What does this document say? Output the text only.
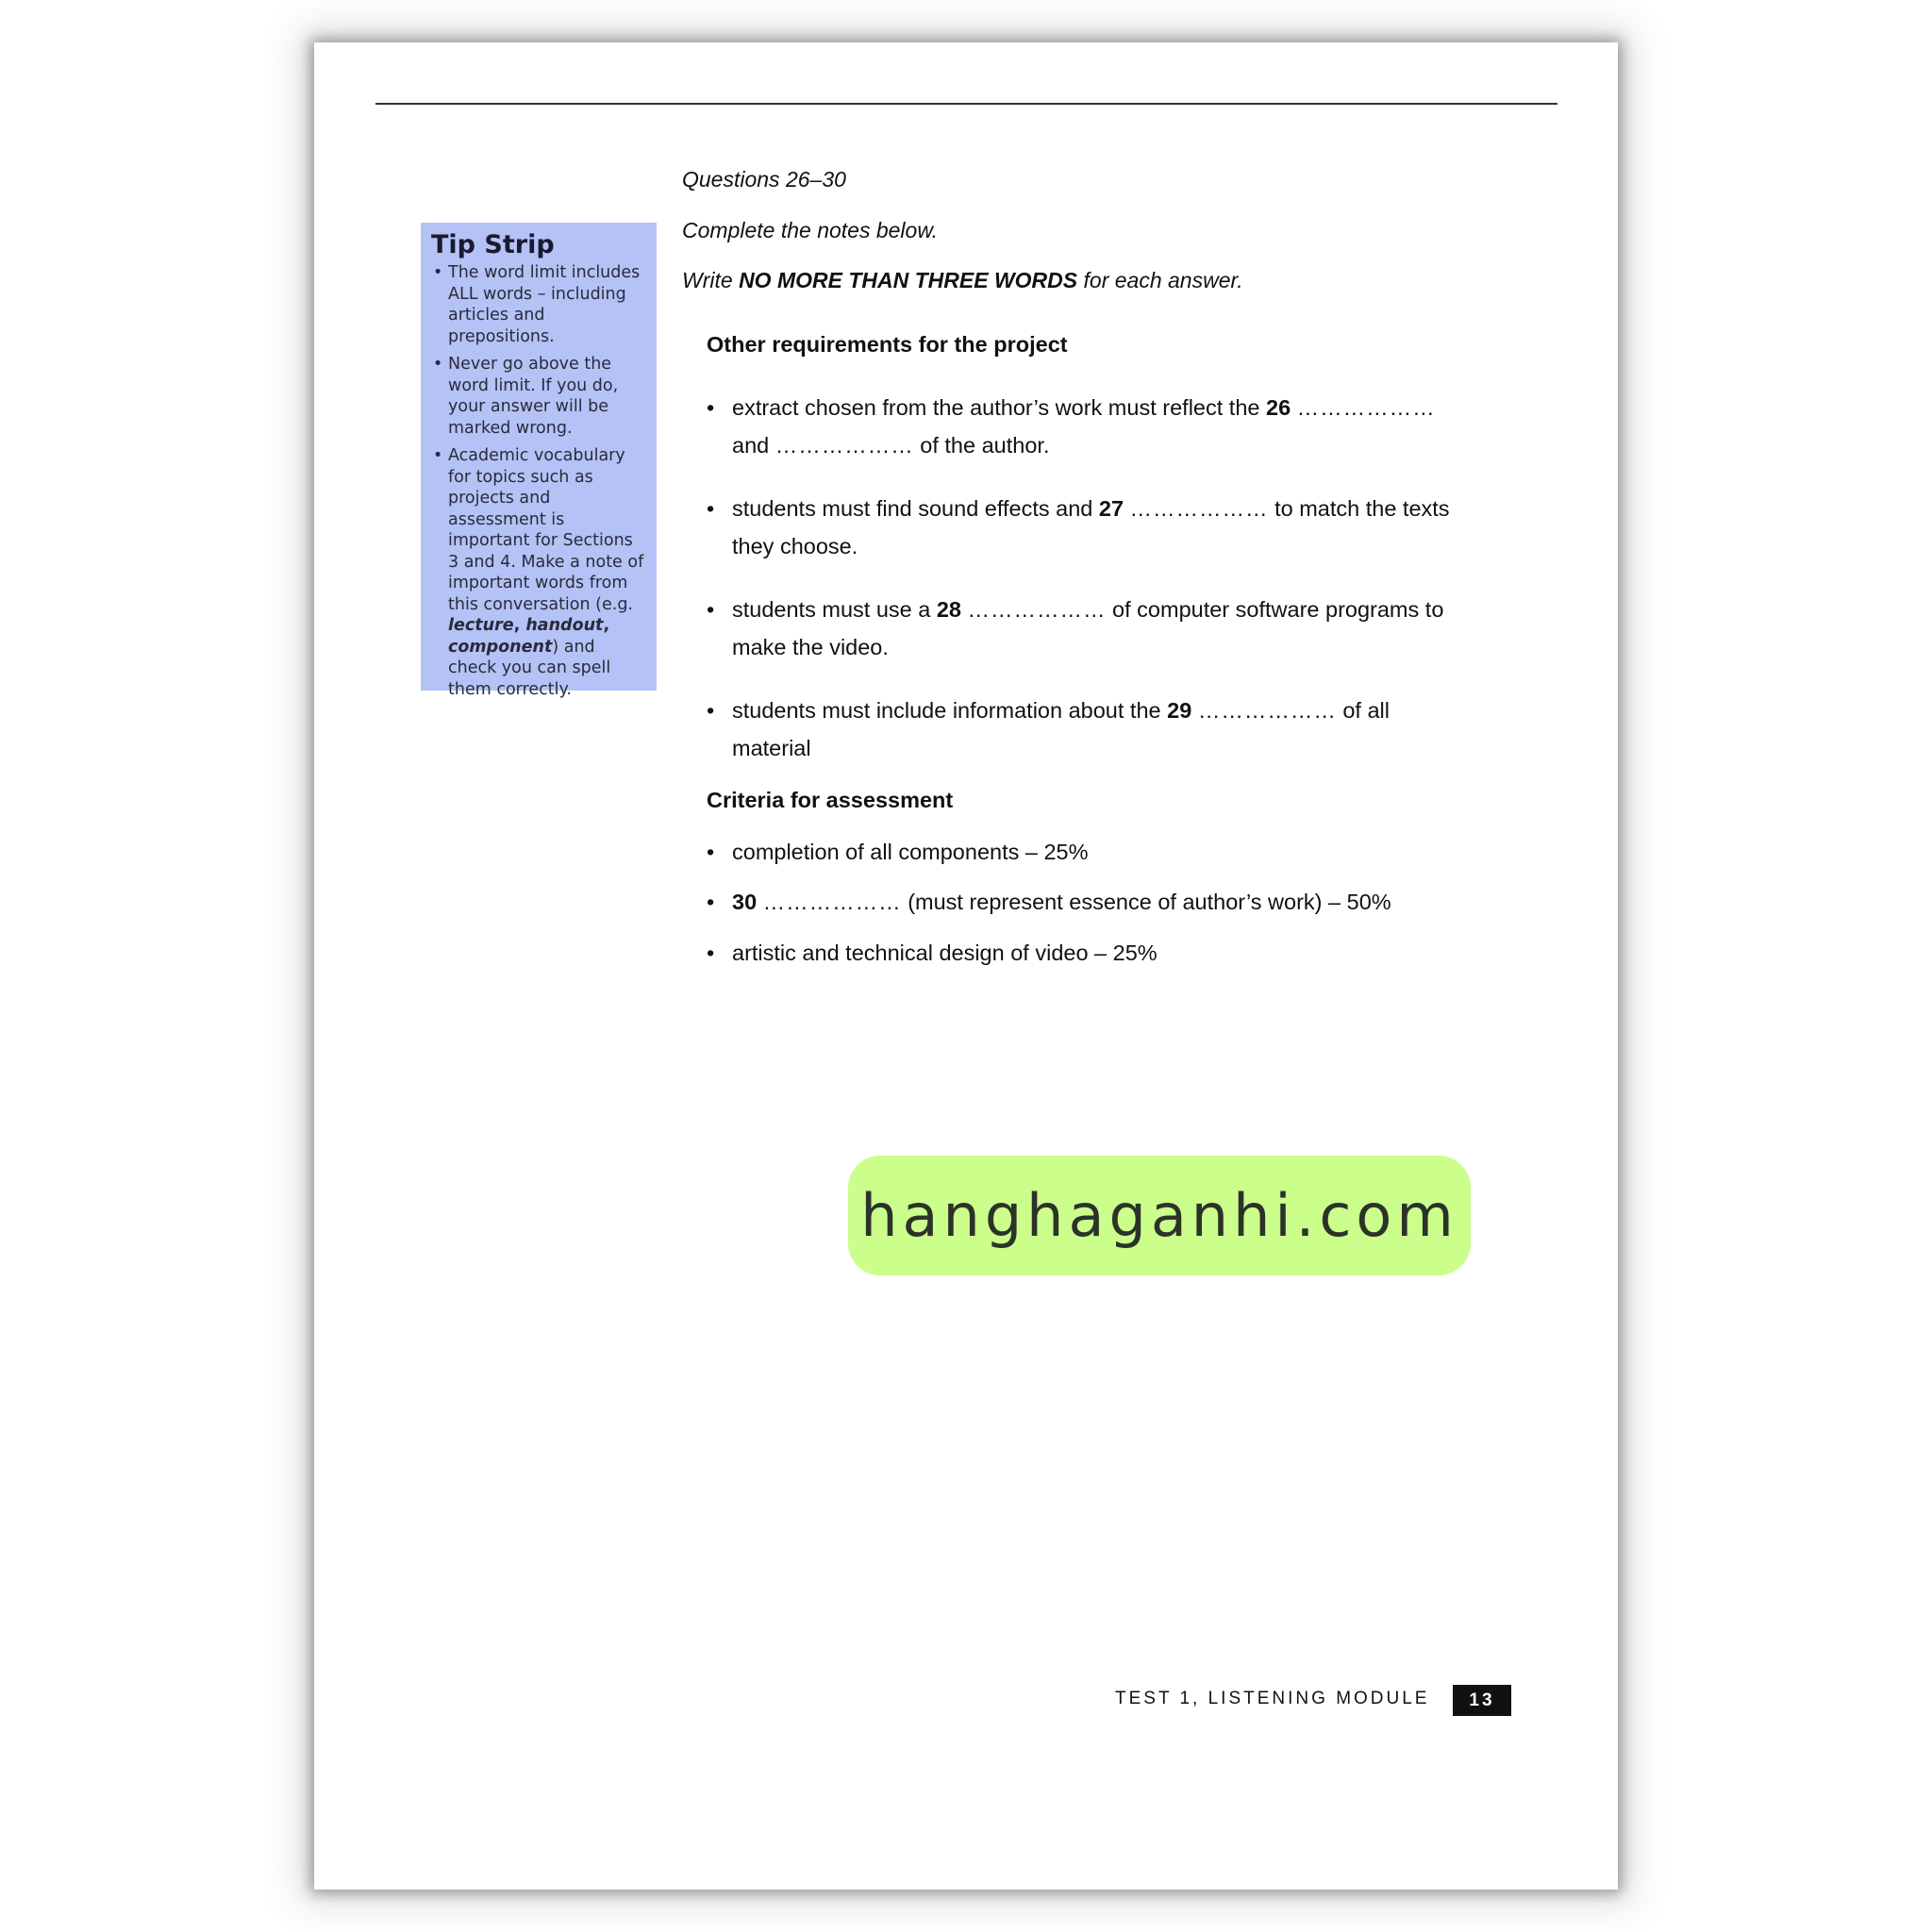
Tip Strip
• The word limit includes ALL words – including articles and prepositions.
• Never go above the word limit. If you do, your answer will be marked wrong.
• Academic vocabulary for topics such as projects and assessment is important for Sections 3 and 4. Make a note of important words from this conversation (e.g. lecture, handout, component) and check you can spell them correctly.
Questions 26–30
Complete the notes below.
Write NO MORE THAN THREE WORDS for each answer.
Other requirements for the project
• extract chosen from the author’s work must reflect the 26 ………………
and ……………… of the author.
• students must find sound effects and 27 ……………… to match the texts
they choose.
• students must use a 28 ……………… of computer software programs to
make the video.
• students must include information about the 29 ……………… of all
material
Criteria for assessment
• completion of all components – 25%
• 30 ……………… (must represent essence of author’s work) – 50%
• artistic and technical design of video – 25%
hanghaganhi.com
TEST 1, LISTENING MODULE	13
